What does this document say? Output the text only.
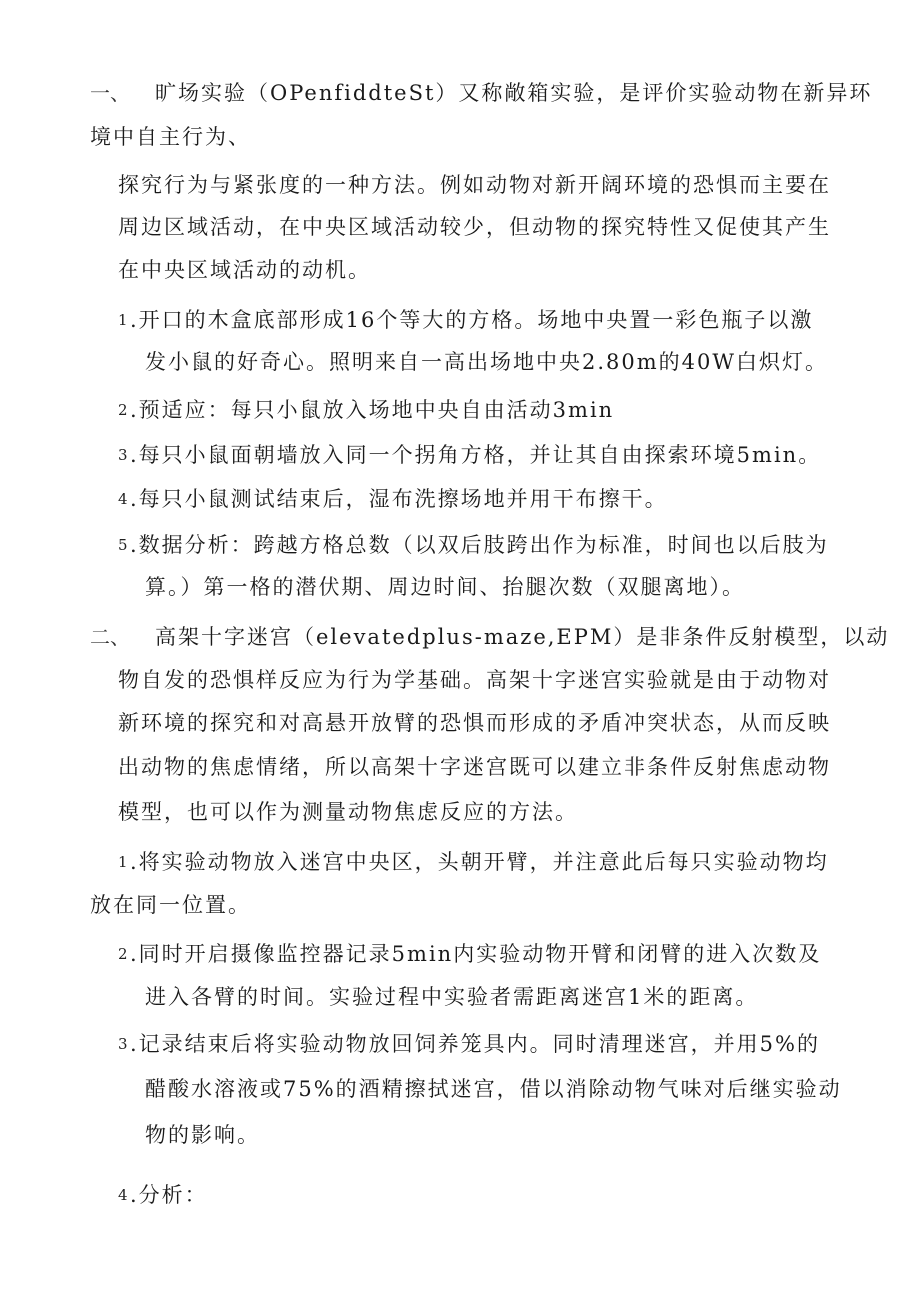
一、 旷场实验（OPenfiddteSt）又称敞箱实验，是评价实验动物在新异环
境中自主行为、
探究行为与紧张度的一种方法。例如动物对新开阔环境的恐惧而主要在
周边区域活动，在中央区域活动较少，但动物的探究特性又促使其产生
在中央区域活动的动机。
1 .开口的木盒底部形成16个等大的方格。场地中央置一彩色瓶子以激
发小鼠的好奇心。照明来自一高出场地中央2.80m的40W白炽灯。
2 .预适应：每只小鼠放入场地中央自由活动3min
3 .每只小鼠面朝墙放入同一个拐角方格，并让其自由探索环境5min。
4 .每只小鼠测试结束后，湿布洗擦场地并用干布擦干。
5 .数据分析：跨越方格总数（以双后肢跨出作为标准，时间也以后肢为
算。）第一格的潜伏期、周边时间、抬腿次数（双腿离地）。
二、 高架十字迷宫（elevatedplus-maze,EPM）是非条件反射模型，以动
物自发的恐惧样反应为行为学基础。高架十字迷宫实验就是由于动物对
新环境的探究和对高悬开放臂的恐惧而形成的矛盾冲突状态，从而反映
出动物的焦虑情绪，所以高架十字迷宫既可以建立非条件反射焦虑动物
模型，也可以作为测量动物焦虑反应的方法。
1 .将实验动物放入迷宫中央区，头朝开臂，并注意此后每只实验动物均
放在同一位置。
2 .同时开启摄像监控器记录5min内实验动物开臂和闭臂的进入次数及
进入各臂的时间。实验过程中实验者需距离迷宫1米的距离。
3 .记录结束后将实验动物放回饲养笼具内。同时清理迷宫，并用5%的
醋酸水溶液或75%的酒精擦拭迷宫，借以消除动物气味对后继实验动
物的影响。
4 .分析：
